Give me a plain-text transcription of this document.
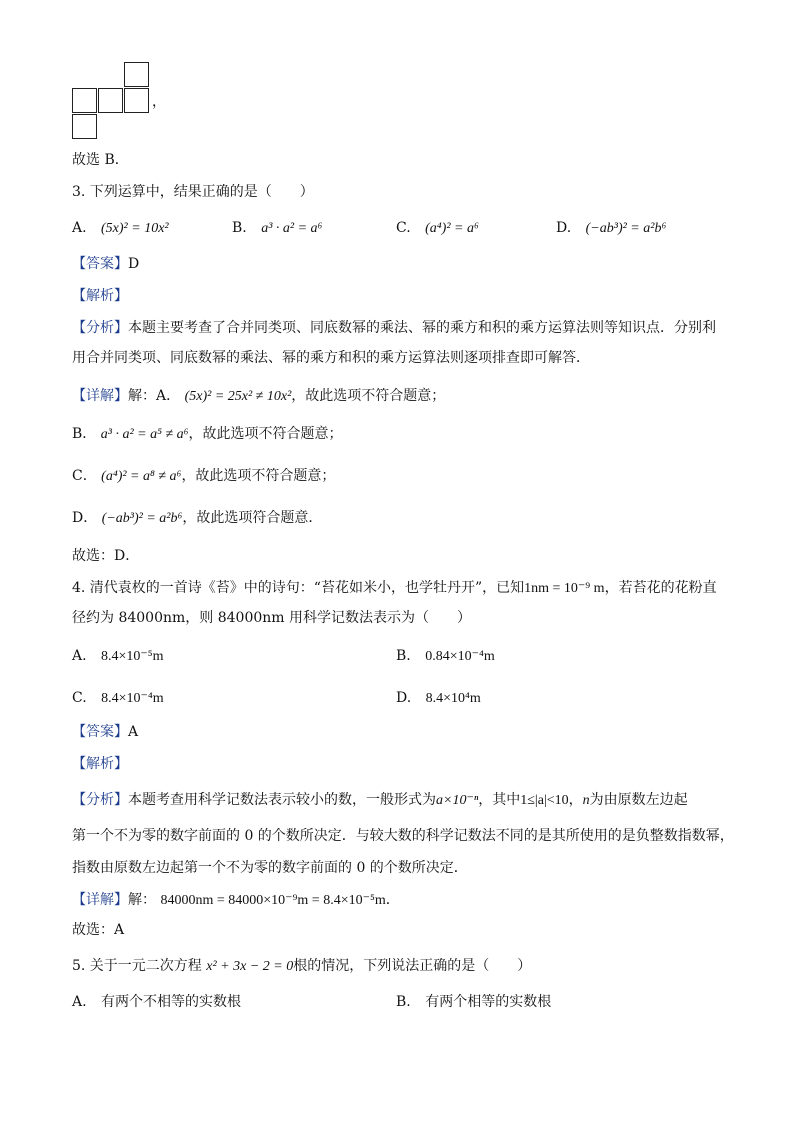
，
故选 B．
3. 下列运算中，结果正确的是（　　）
A. (5x)² = 10x²	B. a³ · a² = a⁶	C. (a⁴)² = a⁶	D. (−ab³)² = a²b⁶
【答案】D
【解析】
【分析】本题主要考查了合并同类项、同底数幂的乘法、幂的乘方和积的乘方运算法则等知识点．分别利
用合并同类项、同底数幂的乘法、幂的乘方和积的乘方运算法则逐项排查即可解答．
【详解】解：A． (5x)² = 25x² ≠ 10x²，故此选项不符合题意；
B． a³ · a² = a⁵ ≠ a⁶，故此选项不符合题意；
C． (a⁴)² = a⁸ ≠ a⁶，故此选项不符合题意；
D． (−ab³)² = a²b⁶，故此选项符合题意．
故选：D．
4. 清代袁枚的一首诗《苔》中的诗句：“苔花如米小，也学牡丹开”，已知1nm = 10⁻⁹ m，若苔花的花粉直
径约为 84000nm，则 84000nm 用科学记数法表示为（　　）
A. 8.4×10⁻⁵m	B. 0.84×10⁻⁴m
C. 8.4×10⁻⁴m	D. 8.4×10⁴m
【答案】A
【解析】
【分析】本题考查用科学记数法表示较小的数，一般形式为a×10⁻ⁿ，其中1≤|a|<10，n为由原数左边起
第一个不为零的数字前面的 0 的个数所决定．与较大数的科学记数法不同的是其所使用的是负整数指数幂，
指数由原数左边起第一个不为零的数字前面的 0 的个数所决定．
【详解】解： 84000nm = 84000×10⁻⁹m = 8.4×10⁻⁵m．
故选：A
5. 关于一元二次方程 x² + 3x − 2 = 0根的情况，下列说法正确的是（　　）
A. 有两个不相等的实数根	B. 有两个相等的实数根
